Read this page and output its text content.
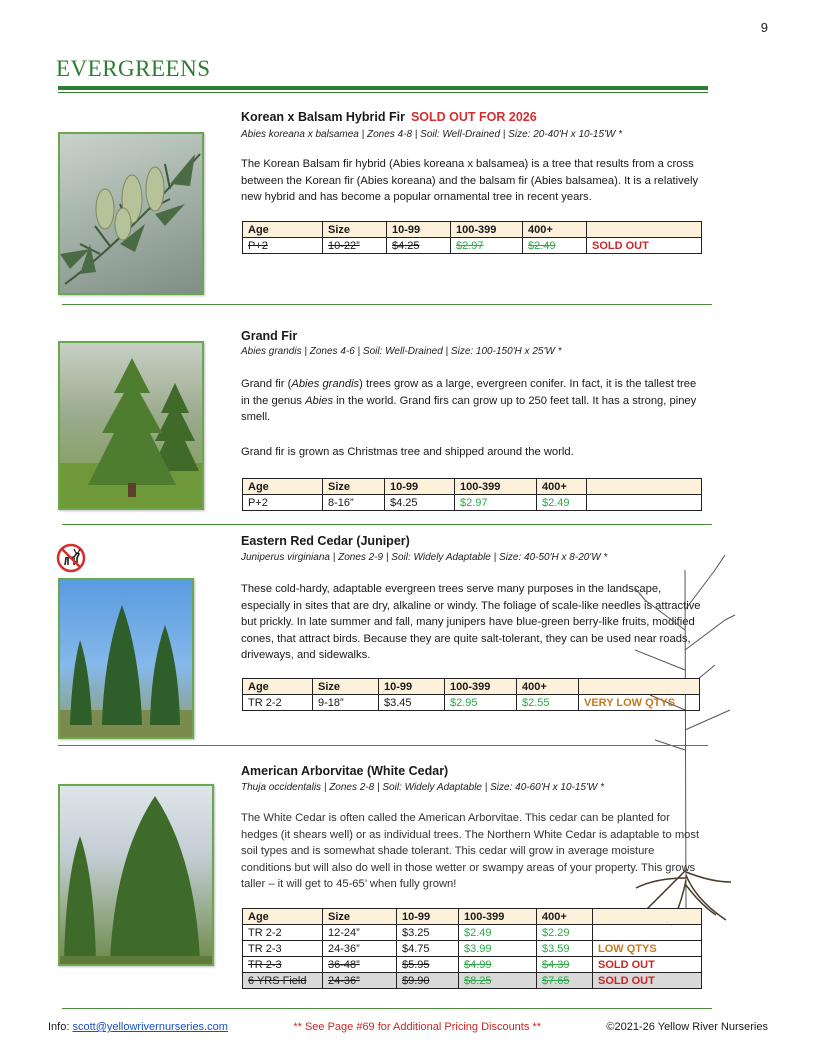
9
EVERGREENS
Korean x Balsam Hybrid Fir SOLD OUT FOR 2026
Abies koreana x balsamea | Zones 4-8 | Soil: Well-Drained | Size: 20-40'H x 10-15'W *
The Korean Balsam fir hybrid (Abies koreana x balsamea) is a tree that results from a cross between the Korean fir (Abies koreana) and the balsam fir (Abies balsamea). It is a relatively new hybrid and has become a popular ornamental tree in recent years.
Age	Size	10-99	100-399	400+	
P+2	10-22”	$4.25	$2.97	$2.49	SOLD OUT
Grand Fir
Abies grandis | Zones 4-6 | Soil: Well-Drained | Size: 100-150'H x 25'W *
Grand fir (Abies grandis) trees grow as a large, evergreen conifer. In fact, it is the tallest tree in the genus Abies in the world. Grand firs can grow up to 250 feet tall. It has a strong, piney smell.
Grand fir is grown as Christmas tree and shipped around the world.
Age	Size	10-99	100-399	400+	
P+2	8-16”	$4.25	$2.97	$2.49	
Eastern Red Cedar (Juniper)
Juniperus virginiana | Zones 2-9 | Soil: Widely Adaptable | Size: 40-50'H x 8-20'W *
These cold-hardy, adaptable evergreen trees serve many purposes in the landscape, especially in sites that are dry, alkaline or windy. The foliage of scale-like needles is attractive but prickly. In late summer and fall, many junipers have blue-green berry-like fruits, modified cones, that attract birds. Because they are quite salt-tolerant, they can be used near roads, driveways, and sidewalks.
Age	Size	10-99	100-399	400+	
TR 2-2	9-18”	$3.45	$2.95	$2.55	VERY LOW QTYS
American Arborvitae (White Cedar)
Thuja occidentalis | Zones 2-8 | Soil: Widely Adaptable | Size: 40-60'H x 10-15'W *
The White Cedar is often called the American Arborvitae. This cedar can be planted for hedges (it shears well) or as individual trees. The Northern White Cedar is adaptable to most soil types and is somewhat shade tolerant. This cedar will grow in average moisture conditions but will also do well in those wetter or swampy areas of your property. This grows taller – it will get to 45-65’ when fully grown!
Age	Size	10-99	100-399	400+	
TR 2-2	12-24”	$3.25	$2.49	$2.29	
TR 2-3	24-36”	$4.75	$3.99	$3.59	LOW QTYS
TR 2-3	36-48”	$5.95	$4.99	$4.39	SOLD OUT
6 YRS Field	24-36”	$9.90	$8.25	$7.65	SOLD OUT
Info: scott@yellowrivernurseries.com	** See Page #69 for Additional Pricing Discounts **	©2021-26 Yellow River Nurseries
